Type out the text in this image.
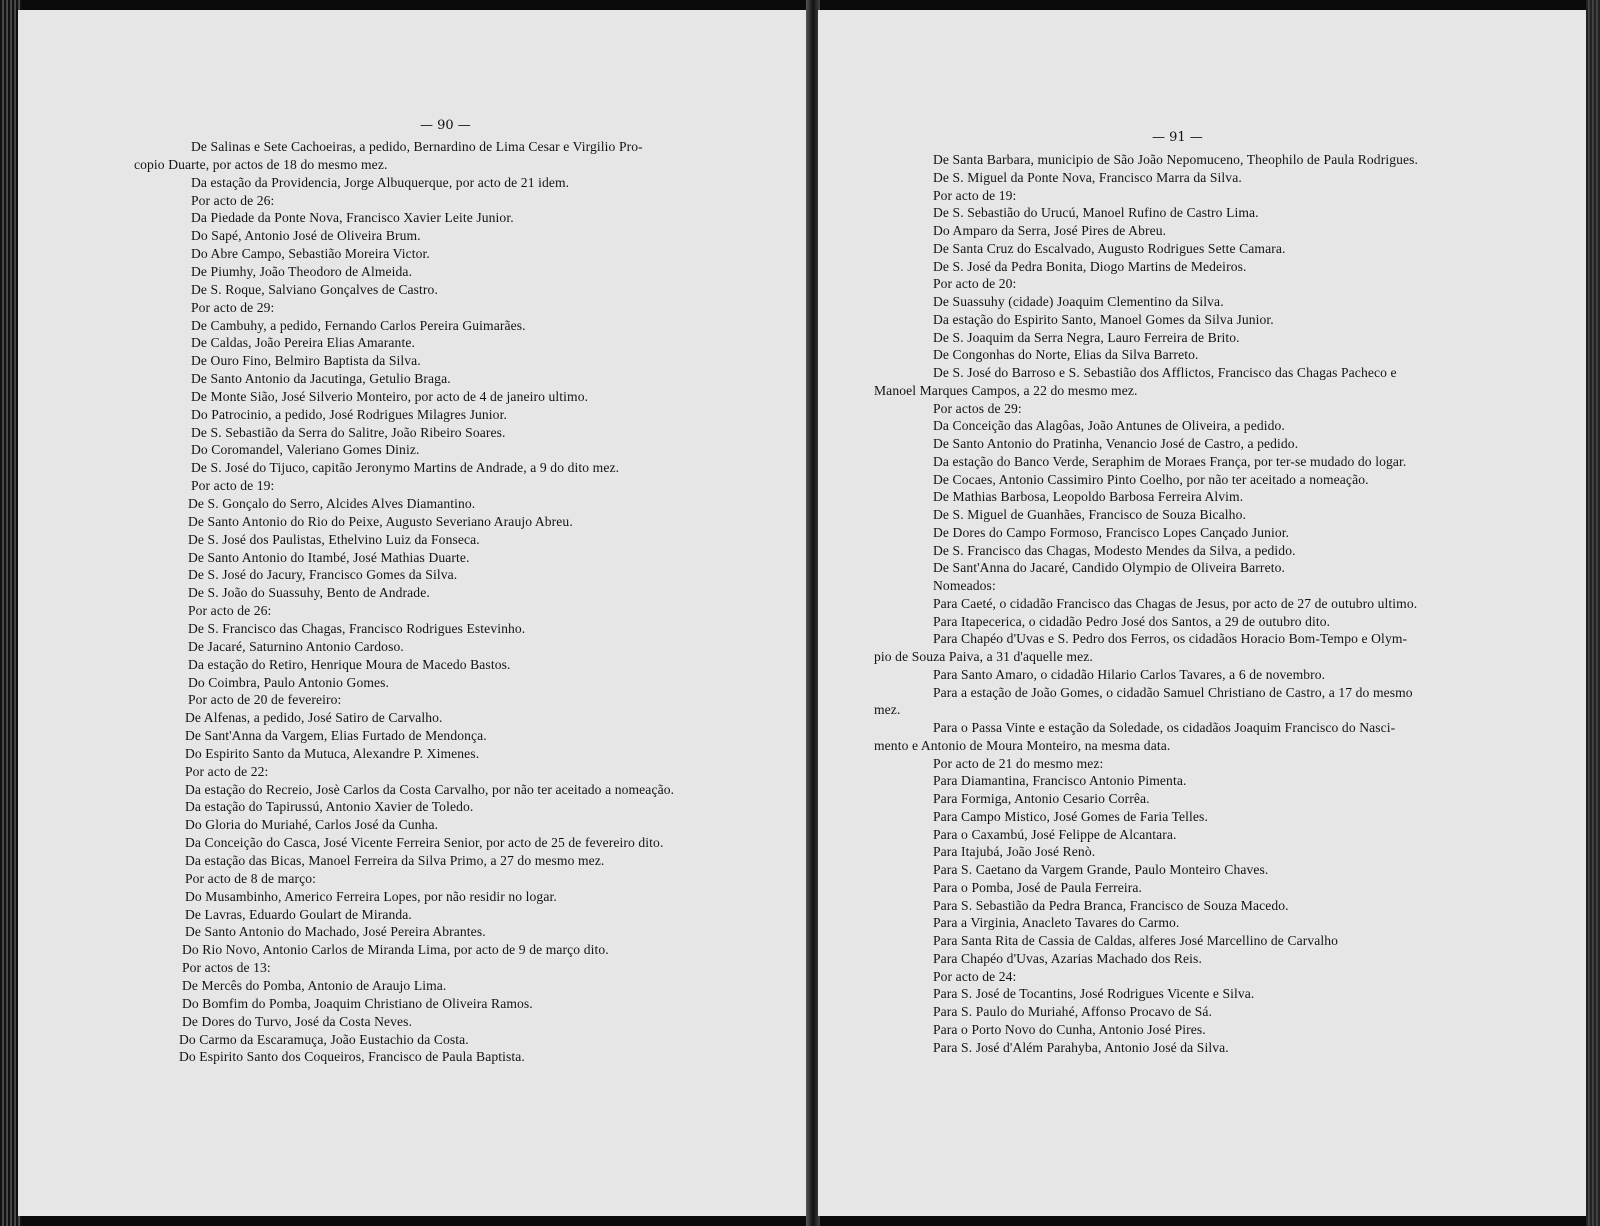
— 90 —
De Salinas e Sete Cachoeiras, a pedido, Bernardino de Lima Cesar e Virgilio Pro-
copio Duarte, por actos de 18 do mesmo mez.
Da estação da Providencia, Jorge Albuquerque, por acto de 21 idem.
Por acto de 26:
Da Piedade da Ponte Nova, Francisco Xavier Leite Junior.
Do Sapé, Antonio José de Oliveira Brum.
Do Abre Campo, Sebastião Moreira Victor.
De Piumhy, João Theodoro de Almeida.
De S. Roque, Salviano Gonçalves de Castro.
Por acto de 29:
De Cambuhy, a pedido, Fernando Carlos Pereira Guimarães.
De Caldas, João Pereira Elias Amarante.
De Ouro Fino, Belmiro Baptista da Silva.
De Santo Antonio da Jacutinga, Getulio Braga.
De Monte Sião, José Silverio Monteiro, por acto de 4 de janeiro ultimo.
Do Patrocinio, a pedido, José Rodrigues Milagres Junior.
De S. Sebastião da Serra do Salitre, João Ribeiro Soares.
Do Coromandel, Valeriano Gomes Diniz.
De S. José do Tijuco, capitão Jeronymo Martins de Andrade, a 9 do dito mez.
Por acto de 19:
De S. Gonçalo do Serro, Alcides Alves Diamantino.
De Santo Antonio do Rio do Peixe, Augusto Severiano Araujo Abreu.
De S. José dos Paulistas, Ethelvino Luiz da Fonseca.
De Santo Antonio do Itambé, José Mathias Duarte.
De S. José do Jacury, Francisco Gomes da Silva.
De S. João do Suassuhy, Bento de Andrade.
Por acto de 26:
De S. Francisco das Chagas, Francisco Rodrigues Estevinho.
De Jacaré, Saturnino Antonio Cardoso.
Da estação do Retiro, Henrique Moura de Macedo Bastos.
Do Coimbra, Paulo Antonio Gomes.
Por acto de 20 de fevereiro:
De Alfenas, a pedido, José Satiro de Carvalho.
De Sant'Anna da Vargem, Elias Furtado de Mendonça.
Do Espirito Santo da Mutuca, Alexandre P. Ximenes.
Por acto de 22:
Da estação do Recreio, Josè Carlos da Costa Carvalho, por não ter aceitado a nomeação.
Da estação do Tapirussú, Antonio Xavier de Toledo.
Do Gloria do Muriahé, Carlos José da Cunha.
Da Conceição do Casca, José Vicente Ferreira Senior, por acto de 25 de fevereiro dito.
Da estação das Bicas, Manoel Ferreira da Silva Primo, a 27 do mesmo mez.
Por acto de 8 de março:
Do Musambinho, Americo Ferreira Lopes, por não residir no logar.
De Lavras, Eduardo Goulart de Miranda.
De Santo Antonio do Machado, José Pereira Abrantes.
Do Rio Novo, Antonio Carlos de Miranda Lima, por acto de 9 de março dito.
Por actos de 13:
De Mercês do Pomba, Antonio de Araujo Lima.
Do Bomfim do Pomba, Joaquim Christiano de Oliveira Ramos.
De Dores do Turvo, José da Costa Neves.
Do Carmo da Escaramuça, João Eustachio da Costa.
Do Espirito Santo dos Coqueiros, Francisco de Paula Baptista.
— 91 —
De Santa Barbara, municipio de São João Nepomuceno, Theophilo de Paula Rodrigues.
De S. Miguel da Ponte Nova, Francisco Marra da Silva.
Por acto de 19:
De S. Sebastião do Urucú, Manoel Rufino de Castro Lima.
Do Amparo da Serra, José Pires de Abreu.
De Santa Cruz do Escalvado, Augusto Rodrigues Sette Camara.
De S. José da Pedra Bonita, Diogo Martins de Medeiros.
Por acto de 20:
De Suassuhy (cidade) Joaquim Clementino da Silva.
Da estação do Espirito Santo, Manoel Gomes da Silva Junior.
De S. Joaquim da Serra Negra, Lauro Ferreira de Brito.
De Congonhas do Norte, Elias da Silva Barreto.
De S. José do Barroso e S. Sebastião dos Afflictos, Francisco das Chagas Pacheco e
Manoel Marques Campos, a 22 do mesmo mez.
Por actos de 29:
Da Conceição das Alagôas, João Antunes de Oliveira, a pedido.
De Santo Antonio do Pratinha, Venancio José de Castro, a pedido.
Da estação do Banco Verde, Seraphim de Moraes França, por ter-se mudado do logar.
De Cocaes, Antonio Cassimiro Pinto Coelho, por não ter aceitado a nomeação.
De Mathias Barbosa, Leopoldo Barbosa Ferreira Alvim.
De S. Miguel de Guanhães, Francisco de Souza Bicalho.
De Dores do Campo Formoso, Francisco Lopes Cançado Junior.
De S. Francisco das Chagas, Modesto Mendes da Silva, a pedido.
De Sant'Anna do Jacaré, Candido Olympio de Oliveira Barreto.
Nomeados:
Para Caeté, o cidadão Francisco das Chagas de Jesus, por acto de 27 de outubro ultimo.
Para Itapecerica, o cidadão Pedro José dos Santos, a 29 de outubro dito.
Para Chapéo d'Uvas e S. Pedro dos Ferros, os cidadãos Horacio Bom-Tempo e Olym-
pio de Souza Paiva, a 31 d'aquelle mez.
Para Santo Amaro, o cidadão Hilario Carlos Tavares, a 6 de novembro.
Para a estação de João Gomes, o cidadão Samuel Christiano de Castro, a 17 do mesmo
mez.
Para o Passa Vinte e estação da Soledade, os cidadãos Joaquim Francisco do Nasci-
mento e Antonio de Moura Monteiro, na mesma data.
Por acto de 21 do mesmo mez:
Para Diamantina, Francisco Antonio Pimenta.
Para Formiga, Antonio Cesario Corrêa.
Para Campo Mistico, José Gomes de Faria Telles.
Para o Caxambú, José Felippe de Alcantara.
Para Itajubá, João José Renò.
Para S. Caetano da Vargem Grande, Paulo Monteiro Chaves.
Para o Pomba, José de Paula Ferreira.
Para S. Sebastião da Pedra Branca, Francisco de Souza Macedo.
Para a Virginia, Anacleto Tavares do Carmo.
Para Santa Rita de Cassia de Caldas, alferes José Marcellino de Carvalho
Para Chapéo d'Uvas, Azarias Machado dos Reis.
Por acto de 24:
Para S. José de Tocantins, José Rodrigues Vicente e Silva.
Para S. Paulo do Muriahé, Affonso Procavo de Sá.
Para o Porto Novo do Cunha, Antonio José Pires.
Para S. José d'Além Parahyba, Antonio José da Silva.
